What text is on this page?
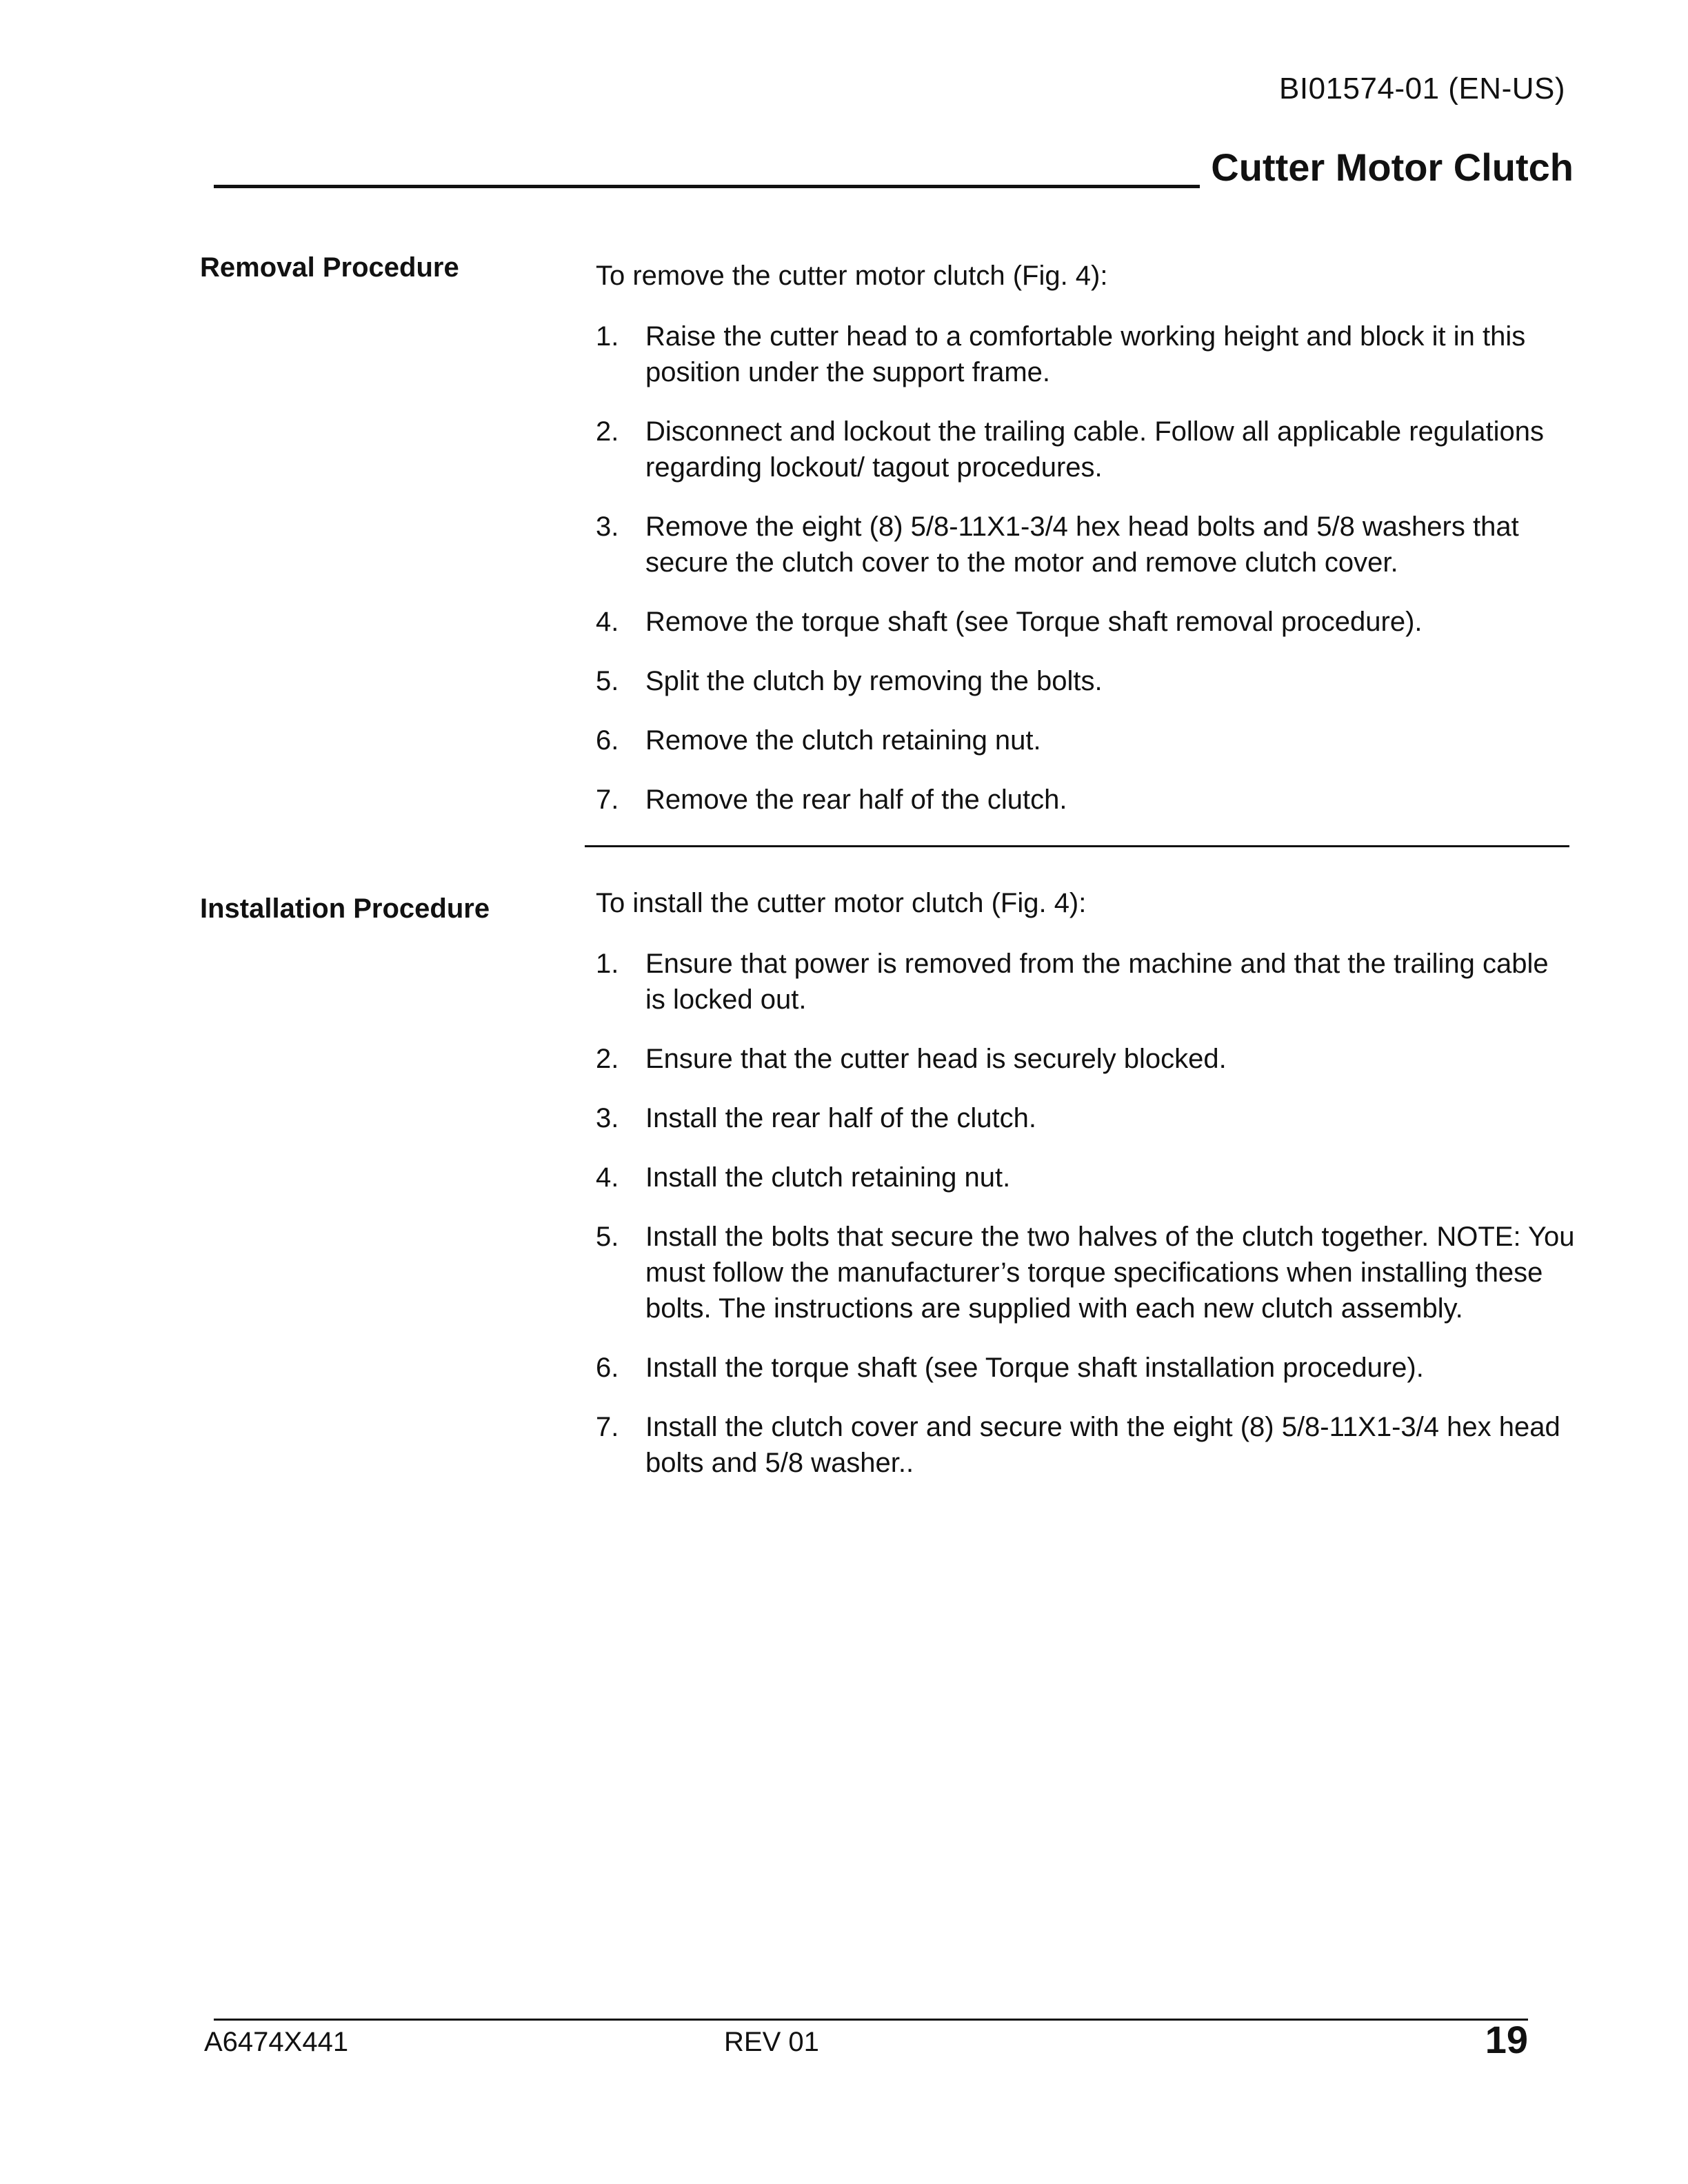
BI01574-01 (EN-US)
Cutter Motor Clutch
Removal Procedure	To remove the cutter motor clutch (Fig. 4):

1. Raise the cutter head to a comfortable working height and block it in this position under the support frame.
2. Disconnect and lockout the trailing cable. Follow all applicable regulations regarding lockout/ tagout procedures.
3. Remove the eight (8) 5/8-11X1-3/4 hex head bolts and 5/8 washers that secure the clutch cover to the motor and remove clutch cover.
4. Remove the torque shaft (see Torque shaft removal procedure).
5. Split the clutch by removing the bolts.
6. Remove the clutch retaining nut.
7. Remove the rear half of the clutch.
Installation Procedure	To install the cutter motor clutch (Fig. 4):

1. Ensure that power is removed from the machine and that the trailing cable is locked out.
2. Ensure that the cutter head is securely blocked.
3. Install the rear half of the clutch.
4. Install the clutch retaining nut.
5. Install the bolts that secure the two halves of the clutch together. NOTE: You must follow the manufacturer’s torque specifications when installing these bolts. The instructions are supplied with each new clutch assembly.
6. Install the torque shaft (see Torque shaft installation procedure).
7. Install the clutch cover and secure with the eight (8) 5/8-11X1-3/4 hex head bolts and 5/8 washer..
A6474X441	REV 01	19
